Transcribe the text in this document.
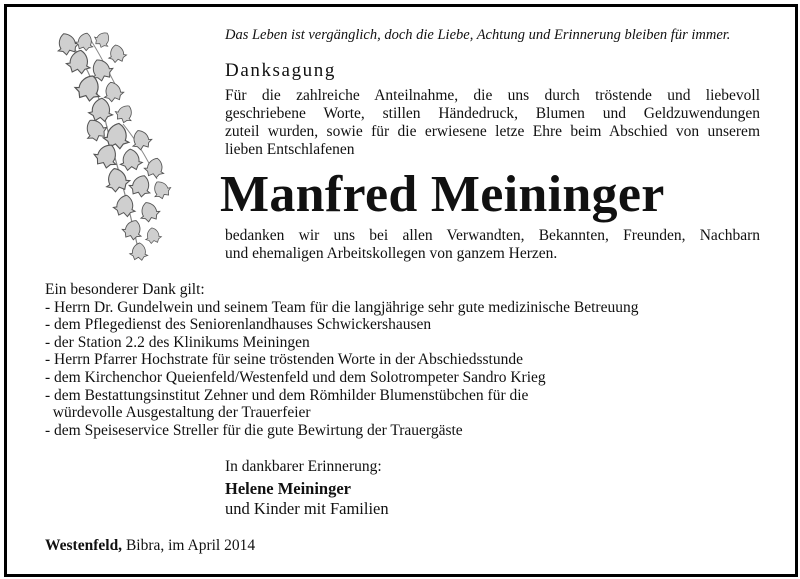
Das Leben ist vergänglich, doch die Liebe, Achtung und Erinnerung bleiben für immer.
Danksagung
Für die zahlreiche Anteilnahme, die uns durch tröstende und liebevoll
geschriebene Worte, stillen Händedruck, Blumen und Geldzuwendungen
zuteil wurden, sowie für die erwiesene letze Ehre beim Abschied von unserem
lieben Entschlafenen
Manfred Meininger
bedanken wir uns bei allen Verwandten, Bekannten, Freunden, Nachbarn
und ehemaligen Arbeitskollegen von ganzem Herzen.
Ein besonderer Dank gilt:
- Herrn Dr. Gundelwein und seinem Team für die langjährige sehr gute medizinische Betreuung
- dem Pflegedienst des Seniorenlandhauses Schwickershausen
- der Station 2.2 des Klinikums Meiningen
- Herrn Pfarrer Hochstrate für seine tröstenden Worte in der Abschiedsstunde
- dem Kirchenchor Queienfeld/Westenfeld und dem Solotrompeter Sandro Krieg
- dem Bestattungsinstitut Zehner und dem Römhilder Blumenstübchen für die
würdevolle Ausgestaltung der Trauerfeier
- dem Speiseservice Streller für die gute Bewirtung der Trauergäste
In dankbarer Erinnerung:
Helene Meininger
und Kinder mit Familien
Westenfeld, Bibra, im April 2014
